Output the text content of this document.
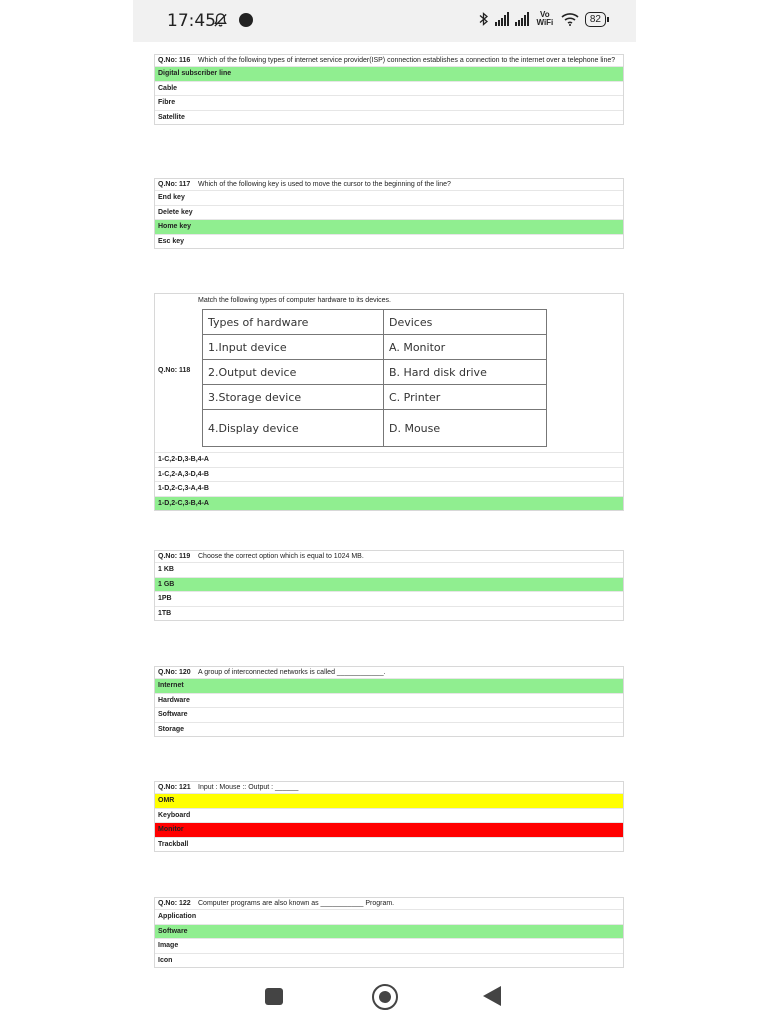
17:45	Vo WiFi	82
Q.No: 116	Which of the following types of internet service provider(ISP) connection establishes a connection to the internet over a telephone line?
Digital subscriber line
Cable
Fibre
Satellite
Q.No: 117	Which of the following key is used to move the cursor to the beginning of the line?
End key
Delete key
Home key
Esc key
Q.No: 118
Match the following types of computer hardware to its devices.
Types of hardware	Devices
1.Input device	A. Monitor
2.Output device	B. Hard disk drive
3.Storage device	C. Printer
4.Display device	D. Mouse
1-C,2-D,3-B,4-A
1-C,2-A,3-D,4-B
1-D,2-C,3-A,4-B
1-D,2-C,3-B,4-A
Q.No: 119	Choose the correct option which is equal to 1024 MB.
1 KB
1 GB
1PB
1TB
Q.No: 120	A group of interconnected networks is called ____________.
Internet
Hardware
Software
Storage
Q.No: 121	Input : Mouse :: Output : ______
OMR
Keyboard
Monitor
Trackball
Q.No: 122	Computer programs are also known as ___________ Program.
Application
Software
Image
Icon
